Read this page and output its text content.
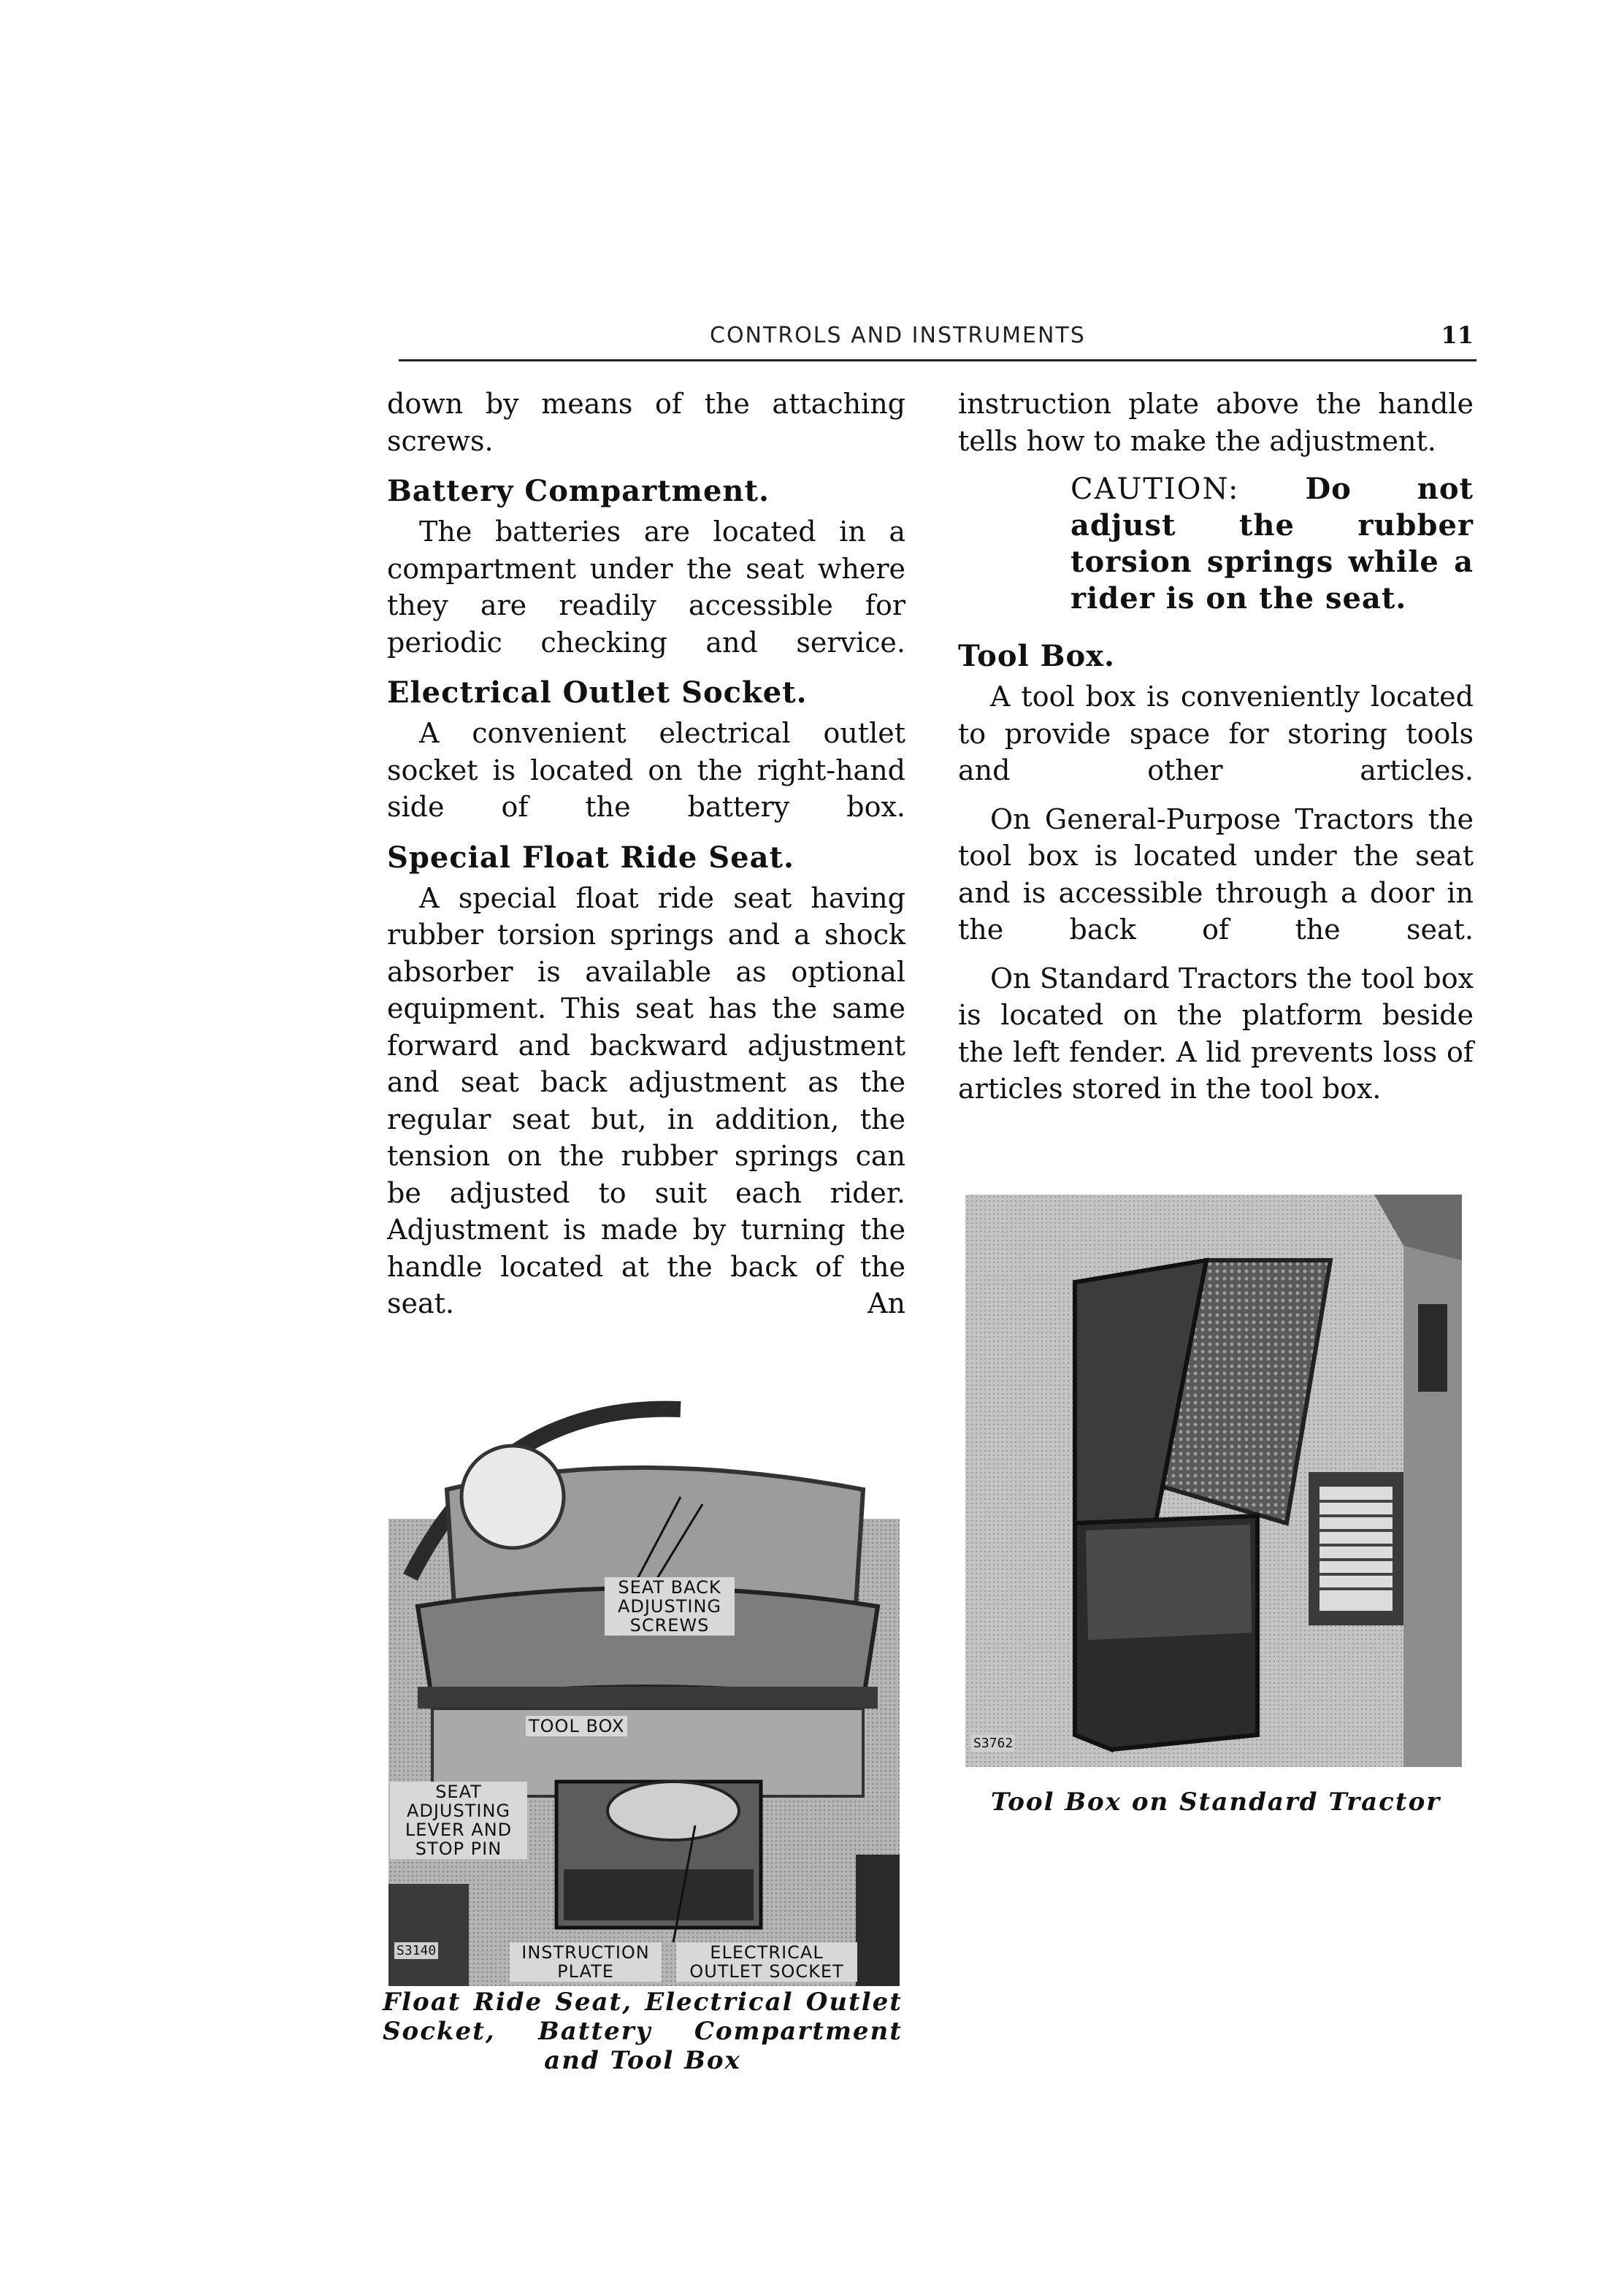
CONTROLS AND INSTRUMENTS	11

down by means of the attaching screws.

Battery Compartment.

The batteries are located in a compartment under the seat where they are readily accessible for periodic checking and service.

Electrical Outlet Socket.

A convenient electrical outlet socket is located on the right-hand side of the battery box.

Special Float Ride Seat.

A special float ride seat having rubber torsion springs and a shock absorber is available as optional equipment. This seat has the same forward and backward adjustment and seat back adjustment as the regular seat but, in addition, the tension on the rubber springs can be adjusted to suit each rider. Adjustment is made by turning the handle located at the back of the seat. An

instruction plate above the handle tells how to make the adjustment.

CAUTION: Do not adjust the rubber torsion springs while a rider is on the seat.
Tool Box.

A tool box is conveniently located to provide space for storing tools and other articles.

On General-Purpose Tractors the tool box is located under the seat and is accessible through a door in the back of the seat.

On Standard Tractors the tool box is located on the platform beside the left fender. A lid prevents loss of articles stored in the tool box.

SEAT BACK ADJUSTING SCREWS
TOOL BOX
SEAT ADJUSTING LEVER AND STOP PIN
INSTRUCTION PLATE
ELECTRICAL OUTLET SOCKET
S3140
Float Ride Seat, Electrical Outlet Socket, Battery Compartment and Tool Box
S3762
Tool Box on Standard Tractor
